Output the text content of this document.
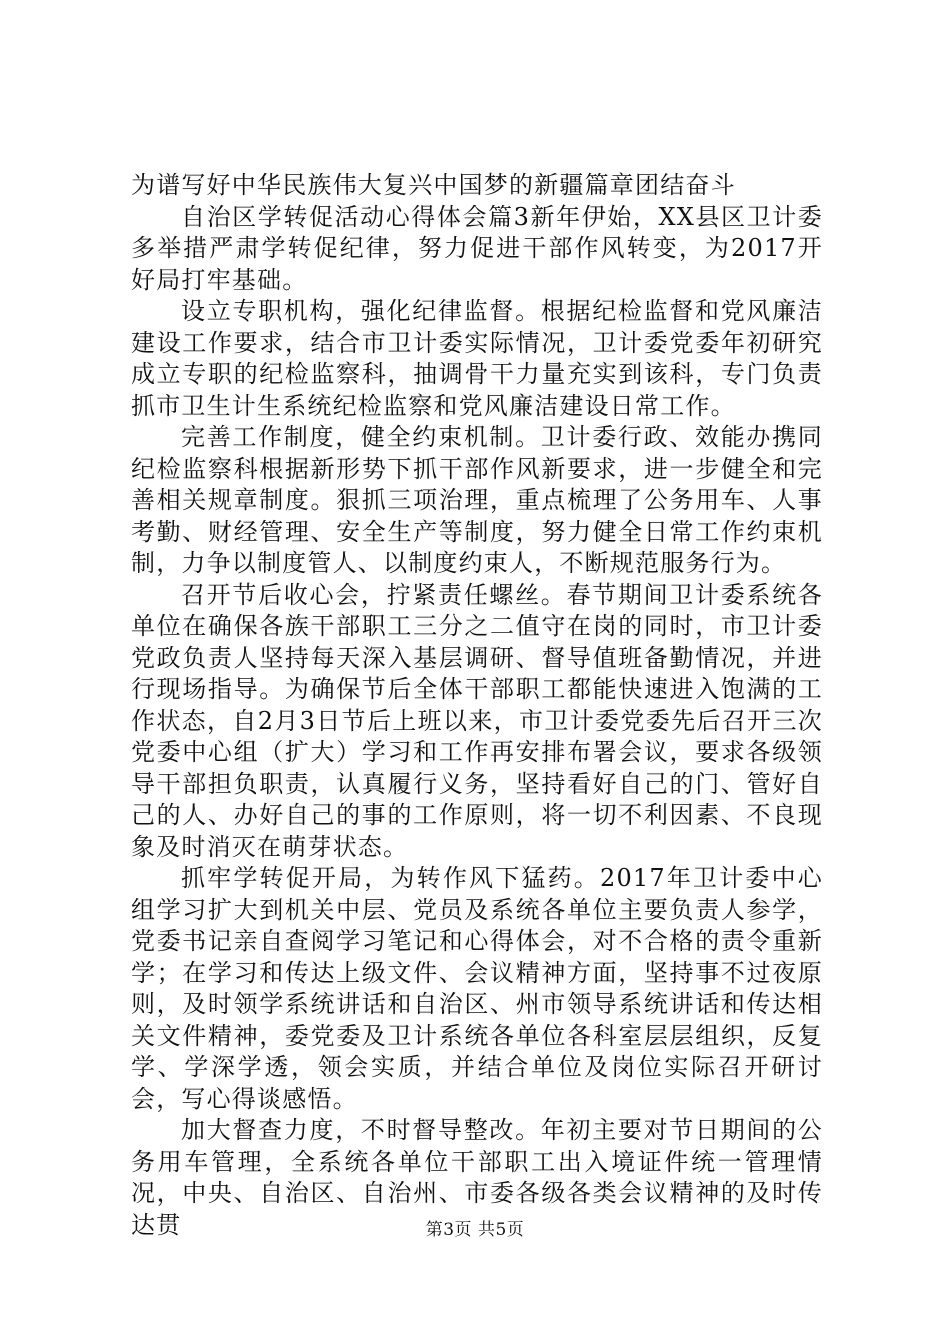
为谱写好中华民族伟大复兴中国梦的新疆篇章团结奋斗

自治区学转促活动心得体会篇3新年伊始，XX县区卫计委多举措严肃学转促纪律，努力促进干部作风转变，为2017开好局打牢基础。

设立专职机构，强化纪律监督。根据纪检监督和党风廉洁建设工作要求，结合市卫计委实际情况，卫计委党委年初研究成立专职的纪检监察科，抽调骨干力量充实到该科，专门负责抓市卫生计生系统纪检监察和党风廉洁建设日常工作。

完善工作制度，健全约束机制。卫计委行政、效能办携同纪检监察科根据新形势下抓干部作风新要求，进一步健全和完善相关规章制度。狠抓三项治理，重点梳理了公务用车、人事考勤、财经管理、安全生产等制度，努力健全日常工作约束机制，力争以制度管人、以制度约束人，不断规范服务行为。

召开节后收心会，拧紧责任螺丝。春节期间卫计委系统各单位在确保各族干部职工三分之二值守在岗的同时，市卫计委党政负责人坚持每天深入基层调研、督导值班备勤情况，并进行现场指导。为确保节后全体干部职工都能快速进入饱满的工作状态，自2月3日节后上班以来，市卫计委党委先后召开三次党委中心组（扩大）学习和工作再安排布署会议，要求各级领导干部担负职责，认真履行义务，坚持看好自己的门、管好自己的人、办好自己的事的工作原则，将一切不利因素、不良现象及时消灭在萌芽状态。

抓牢学转促开局，为转作风下猛药。2017年卫计委中心组学习扩大到机关中层、党员及系统各单位主要负责人参学，党委书记亲自查阅学习笔记和心得体会，对不合格的责令重新学；在学习和传达上级文件、会议精神方面，坚持事不过夜原则，及时领学系统讲话和自治区、州市领导系统讲话和传达相关文件精神，委党委及卫计系统各单位各科室层层组织，反复学、学深学透，领会实质，并结合单位及岗位实际召开研讨会，写心得谈感悟。

加大督查力度，不时督导整改。年初主要对节日期间的公务用车管理，全系统各单位干部职工出入境证件统一管理情况，中央、自治区、自治州、市委各级各类会议精神的及时传达贯	第3页 共5页
